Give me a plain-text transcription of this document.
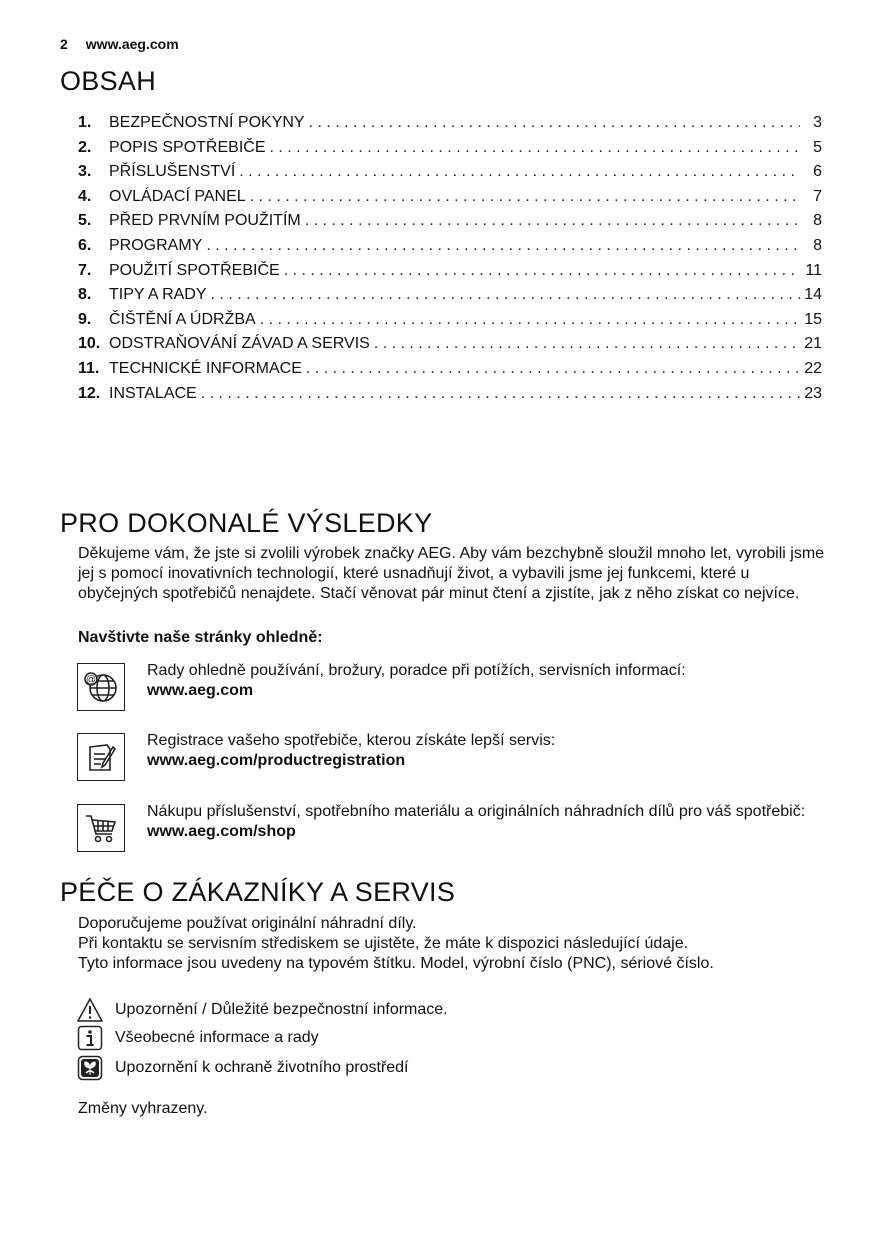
2 www.aeg.com
OBSAH
1.	BEZPEČNOSTNÍ POKYNY . . .	3
2.	POPIS SPOTŘEBIČE . . .	5
3.	PŘÍSLUŠENSTVÍ . . .	6
4.	OVLÁDACÍ PANEL . . .	7
5.	PŘED PRVNÍM POUŽITÍM . . .	8
6.	PROGRAMY . . .	8
7.	POUŽITÍ SPOTŘEBIČE . . .	11
8.	TIPY A RADY . . .	14
9.	ČIŠTĚNÍ A ÚDRŽBA . . .	15
10. ODSTRAŇOVÁNÍ ZÁVAD A SERVIS . . .	21
11. TECHNICKÉ INFORMACE . . .	22
12. INSTALACE . . .	23
PRO DOKONALÉ VÝSLEDKY
Děkujeme vám, že jste si zvolili výrobek značky AEG. Aby vám bezchybně sloužil mnoho let, vyrobili jsme jej s pomocí inovativních technologií, které usnadňují život, a vybavili jsme jej funkcemi, které u obyčejných spotřebičů nenajdete. Stačí věnovat pár minut čtení a zjistíte, jak z něho získat co nejvíce.
Navštivte naše stránky ohledně:
@
Rady ohledně používání, brožury, poradce při potížích, servisních informací:
www.aeg.com
Registrace vašeho spotřebiče, kterou získáte lepší servis:
www.aeg.com/productregistration
Nákupu příslušenství, spotřebního materiálu a originálních náhradních dílů pro váš spotřebič:
www.aeg.com/shop
PÉČE O ZÁKAZNÍKY A SERVIS
Doporučujeme používat originální náhradní díly.
Při kontaktu se servisním střediskem se ujistěte, že máte k dispozici následující údaje.
Tyto informace jsou uvedeny na typovém štítku. Model, výrobní číslo (PNC), sériové číslo.
Upozornění / Důležité bezpečnostní informace.
Všeobecné informace a rady
Upozornění k ochraně životního prostředí
Změny vyhrazeny.
